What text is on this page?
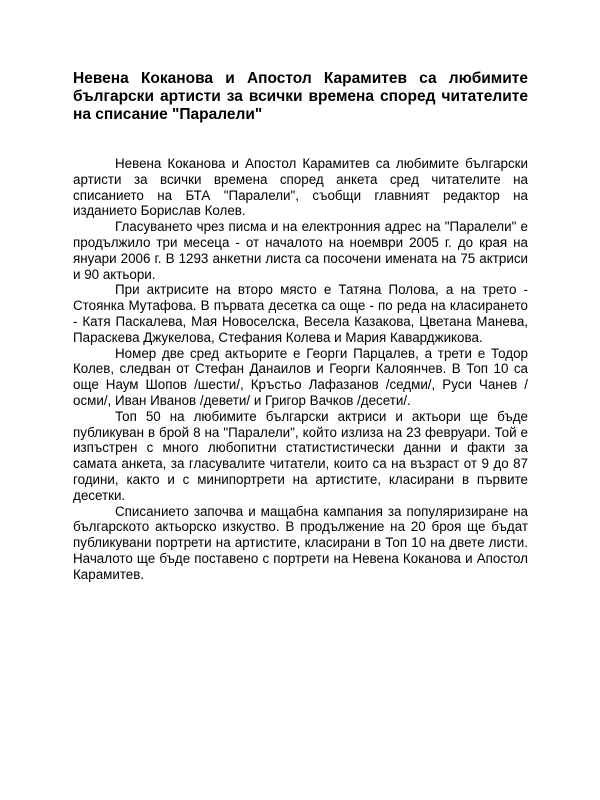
Невена Коканова и Апостол Карамитев са любимите български артисти за всички времена според читателите на списание "Паралели"

Невена Коканова и Апостол Карамитев са любимите български артисти за всички времена според анкета сред читателите на списанието на БТА "Паралели", съобщи главният редактор на изданието Борислав Колев.

Гласуването чрез писма и на електронния адрес на "Паралели" е продължило три месеца - от началото на ноември 2005 г. до края на януари 2006 г. В 1293 анкетни листа са посочени имената на 75 актриси и 90 актьори.

При актрисите на второ място е Татяна Полова, а на трето - Стоянка Мутафова. В първата десетка са още - по реда на класирането - Катя Паскалева, Мая Новоселска, Весела Казакова, Цветана Манева, Параскева Джукелова, Стефания Колева и Мария Каварджикова.

Номер две сред актьорите е Георги Парцалев, а трети е Тодор Колев, следван от Стефан Данаилов и Георги Калоянчев. В Топ 10 са още Наум Шопов /шести/, Кръстьо Лафазанов /седми/, Руси Чанев /осми/, Иван Иванов /девети/ и Григор Вачков /десети/.

Топ 50 на любимите български актриси и актьори ще бъде публикуван в брой 8 на "Паралели", който излиза на 23 февруари. Той е изпъстрен с много любопитни статистистически данни и факти за самата анкета, за гласувалите читатели, които са на възраст от 9 до 87 години, както и с минипортрети на артистите, класирани в първите десетки.

Списанието започва и мащабна кампания за популяризиране на българското актьорско изкуство. В продължение на 20 броя ще бъдат публикувани портрети на артистите, класирани в Топ 10 на двете листи. Началото ще бъде поставено с портрети на Невена Коканова и Апостол Карамитев.
